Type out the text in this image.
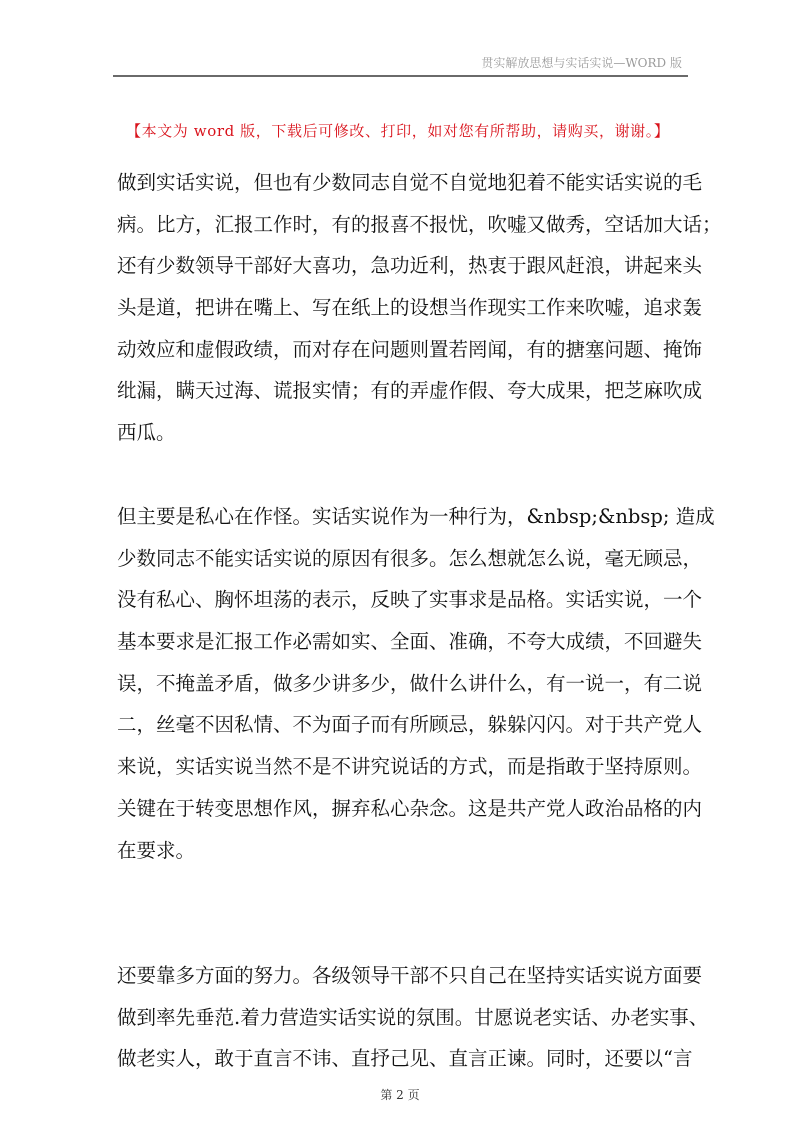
贯实解放思想与实话实说—WORD 版
【本文为 word 版，下载后可修改、打印，如对您有所帮助，请购买，谢谢。】
做到实话实说，但也有少数同志自觉不自觉地犯着不能实话实说的毛
病。比方，汇报工作时，有的报喜不报忧，吹嘘又做秀，空话加大话；
还有少数领导干部好大喜功，急功近利，热衷于跟风赶浪，讲起来头
头是道，把讲在嘴上、写在纸上的设想当作现实工作来吹嘘，追求轰
动效应和虚假政绩，而对存在问题则置若罔闻，有的搪塞问题、掩饰
纰漏，瞒天过海、谎报实情；有的弄虚作假、夸大成果，把芝麻吹成
西瓜。
但主要是私心在作怪。实话实说作为一种行为，&nbsp;&nbsp; 造成
少数同志不能实话实说的原因有很多。怎么想就怎么说，毫无顾忌，
没有私心、胸怀坦荡的表示，反映了实事求是品格。实话实说，一个
基本要求是汇报工作必需如实、全面、准确，不夸大成绩，不回避失
误，不掩盖矛盾，做多少讲多少，做什么讲什么，有一说一，有二说
二，丝毫不因私情、不为面子而有所顾忌，躲躲闪闪。对于共产党人
来说，实话实说当然不是不讲究说话的方式，而是指敢于坚持原则。
关键在于转变思想作风，摒弃私心杂念。这是共产党人政治品格的内
在要求。
还要靠多方面的努力。各级领导干部不只自己在坚持实话实说方面要
做到率先垂范.着力营造实话实说的氛围。甘愿说老实话、办老实事、
做老实人，敢于直言不讳、直抒己见、直言正谏。同时，还要以“言
第 2 页
